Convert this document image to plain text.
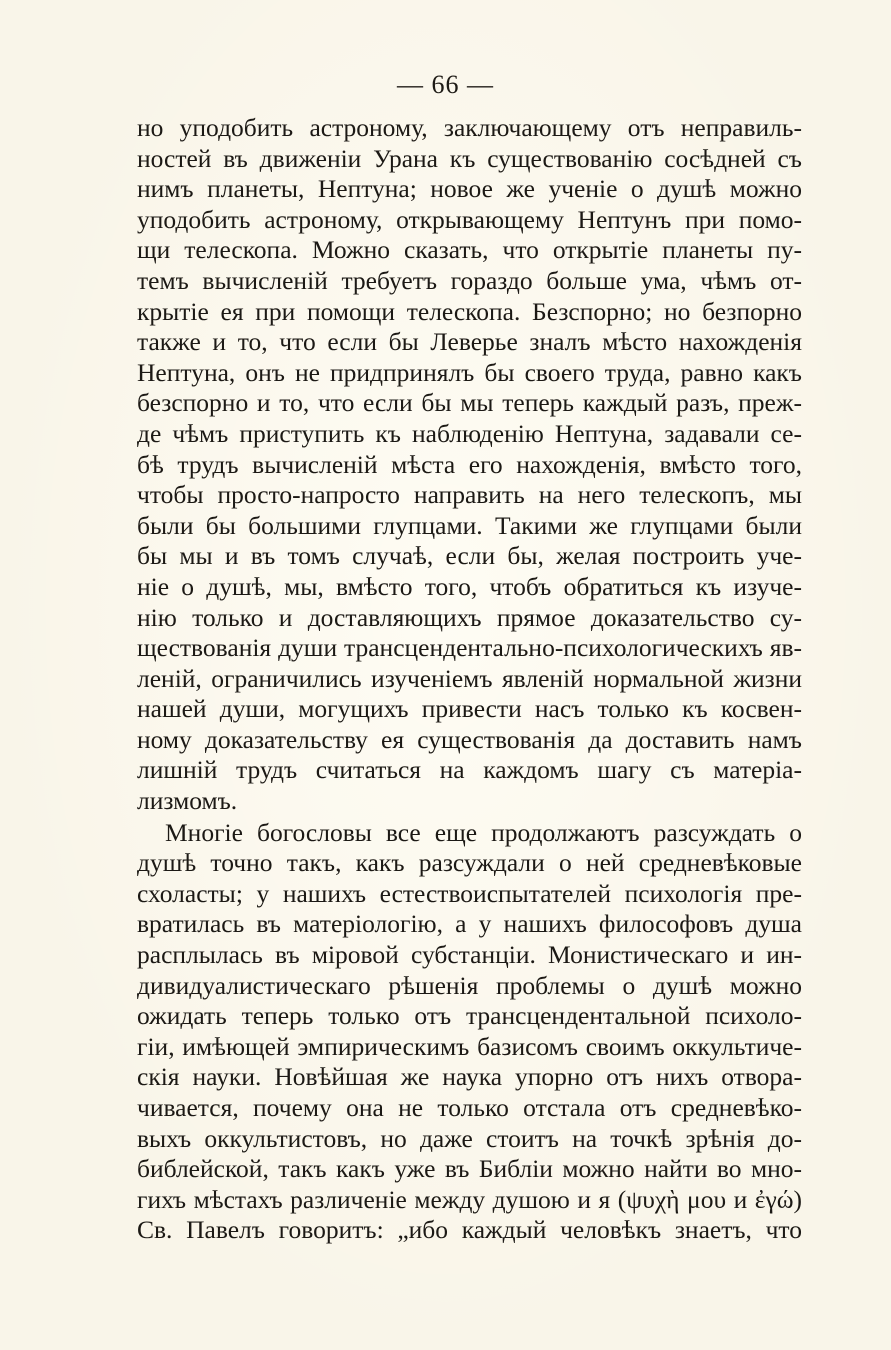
— 66 —
но уподобить астроному, заключающему отъ неправиль-
ностей въ движенiи Урана къ существованiю сосѣдней съ
нимъ планеты, Нептуна; новое же ученiе о душѣ можно
уподобить астроному, открывающему Нептунъ при помо-
щи телескопа. Можно сказать, что открытiе планеты пу-
темъ вычисленiй требуетъ гораздо больше ума, чѣмъ от-
крытiе ея при помощи телескопа. Безспорно; но безпорно
также и то, что если бы Леверье зналъ мѣсто нахожденiя
Нептуна, онъ не придпринялъ бы своего труда, равно какъ
безспорно и то, что если бы мы теперь каждый разъ, преж-
де чѣмъ приступить къ наблюденiю Нептуна, задавали се-
бѣ трудъ вычисленiй мѣста его нахожденiя, вмѣсто того,
чтобы просто-напросто направить на него телескопъ, мы
были бы большими глупцами. Такими же глупцами были
бы мы и въ томъ случаѣ, если бы, желая построить уче-
нiе о душѣ, мы, вмѣсто того, чтобъ обратиться къ изуче-
нiю только и доставляющихъ прямое доказательство су-
ществованiя души трансцендентально-психологическихъ яв-
ленiй, ограничились изученiемъ явленiй нормальной жизни
нашей души, могущихъ привести насъ только къ косвен-
ному доказательству ея существованiя да доставить намъ
лишнiй трудъ считаться на каждомъ шагу съ матерiа-
лизмомъ.
Многiе богословы все еще продолжаютъ разсуждать о
душѣ точно такъ, какъ разсуждали о ней средневѣковые
схоласты; у нашихъ естествоиспытателей психологiя пре-
вратилась въ матерiологiю, а у нашихъ философовъ душа
расплылась въ мiровой субстанцiи. Монистическаго и ин-
дивидуалистическаго рѣшенiя проблемы о душѣ можно
ожидать теперь только отъ трансцендентальной психоло-
гiи, имѣющей эмпирическимъ базисомъ своимъ оккультиче-
скiя науки. Новѣйшая же наука упорно отъ нихъ отвора-
чивается, почему она не только отстала отъ средневѣко-
выхъ оккультистовъ, но даже стоитъ на точкѣ зрѣнiя до-
библейской, такъ какъ уже въ Библiи можно найти во мно-
гихъ мѣстахъ различенiе между душою и я (ψυχὴ μου и ἐγώ)
Св. Павелъ говоритъ: „ибо каждый человѣкъ знаетъ, что
